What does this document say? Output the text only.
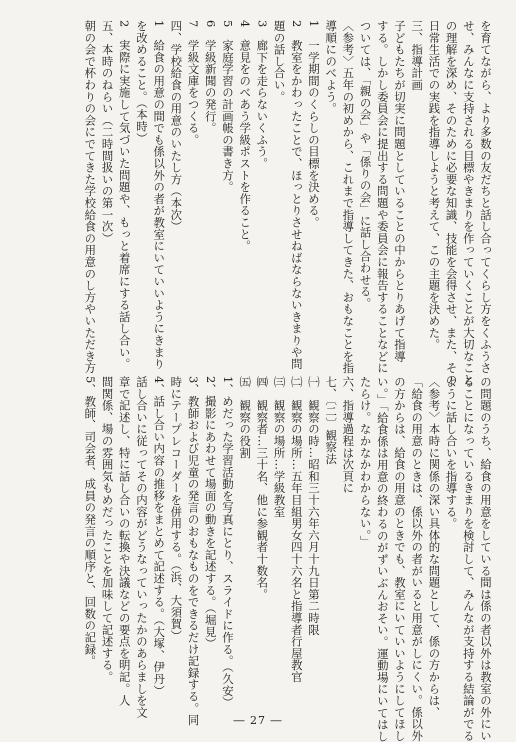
を育てながら、より多数の友だちと話し合ってくらし方をくふうさ

せ、みんなに支持される目標やきまりを作っていくことが大切なこと

の理解を深め、そのために必要な知識、技能を会得させ、また、その

日常生活での実践を指導しようと考えて、この主題を決めた。

三、指導計画

子どもたちが切実に問題としていることの中からとりあげて指導

する。しかし委員会に提出する問題や委員会に報告することなどに

ついては、「親の会」や「係りの会」に話し合わせる。

〈参考〉五年の初めから、これまで指導してきた、おもなことを指

導順にのべよう。

1　一学期間のくらしの目標を決める。

2　教室をかわったことで、ほっとりさせねばならないきまりや問

題の話し合い。

3　廊下を走らないくふう。

4　意見をのべあう学級ポストを作ること。

5　家庭学習の計画帳の書き方。

6　学級新聞の発行。

7　学級文庫をつくる。

四、学校給食の用意のいたし方（本次）

1　給食の用意の間でも係以外の者が教室にいていいようにきまり

を改めること。（本時）

2　実際に実施して気づいた問題や、もっと着席にする話し合い。

五、本時のねらい（二時間扱いの第一次）

朝の会で杯わりの会にでてきた学校給食の用意のし方やいただき方

の問題のうち、給食の用意をしている間は係の者以外は教室の外にい

ることになっているきまりを検討して、みんなが支持する結論がでる

ように話し合いを指導する。

〈参考〉本時に関係の深い具体的な問題として、係の方からは、

「給食の用意のときは、係以外の者がいると用意がしにくい。係以外

の方からは、給食の用意のときでも、教室にいていいようにしてほし

い。」「給食係は用意の終わるのがずいぶんおそい。運動場にいてはし

たらけ。なかなかわからない。」

六、指導過程は次頁に

七、〔二〕観察法

㈠　観察の時…昭和三十六年六月十九日第二時限

㈡　観察の場所…五年目組男女四十六名と指導者行屋教官

㈢　観察の場所…学級教室

㈣　観察者…三十名、他に参観者十数名。

㈤　観察の役割

1、めだった学習活動を写真にとり、スライドに作る。（久安）

2、撮影にあわせて場面の動きを記述する。（堀見）

3、教師および児童の発言のおもなものをできるだけ記録する。同

時にテープレコーダーを併用する。（浜、大須賀）

4、話し合い内容の推移をまとめて記述する。（大塚、伊丹）

話し合いに従ってその内容がどうなっていったかのあらましを文

章で記述し、特に話し合いの転換や決議などの要点を明記。人

間関係、場の雰囲気もめだったことを加味して記述する。

5、教師、司会者、成員の発言の順序と、回数の記録。

― 27 ―
